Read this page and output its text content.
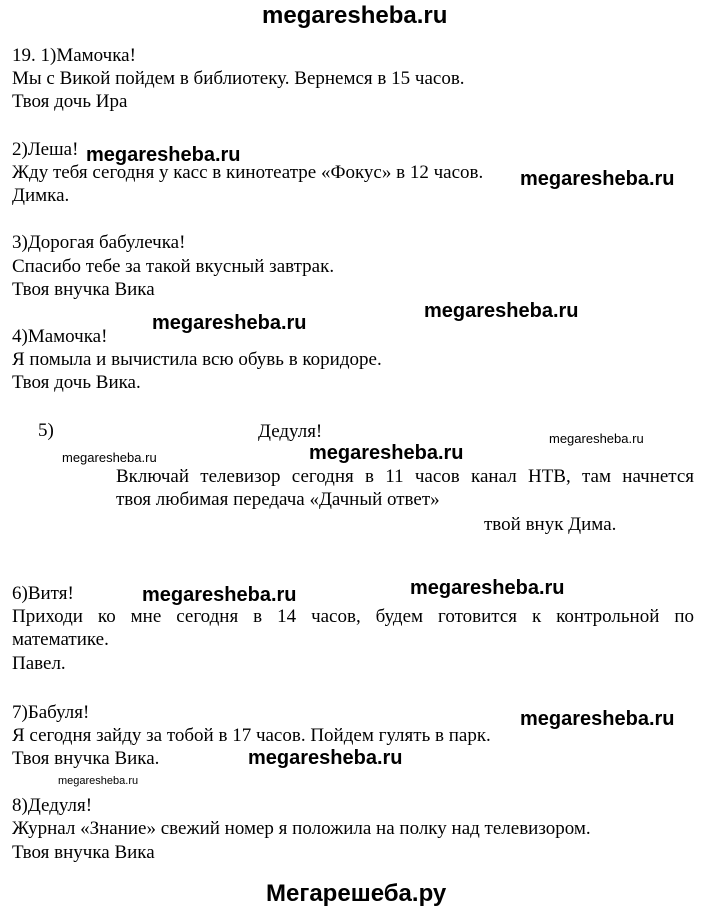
megaresheba.ru
19. 1)Мамочка!
Мы с Викой пойдем в библиотеку. Вернемся в 15 часов.
Твоя дочь Ира
2)Леша! megaresheba.ru
Жду тебя сегодня у касс в кинотеатре «Фокус» в 12 часов. megaresheba.ru
Димка.
3)Дорогая бабулечка!
Спасибо тебе за такой вкусный завтрак.
Твоя внучка Вика
megaresheba.ru
megaresheba.ru
4)Мамочка!
Я помыла и вычистила всю обувь в коридоре.
Твоя дочь Вика.
5)	Дедуля!	megaresheba.ru
megaresheba.ru
megaresheba.ru
Включай телевизор сегодня в 11 часов канал НТВ, там начнется
твоя любимая передача «Дачный ответ»
твой внук Дима.
6)Витя!	megaresheba.ru	megaresheba.ru
Приходи ко мне сегодня в 14 часов, будем готовится к контрольной по
математике.
Павел.
7)Бабуля!	megaresheba.ru
Я сегодня зайду за тобой в 17 часов. Пойдем гулять в парк.
megaresheba.ru
Твоя внучка Вика.
megaresheba.ru
8)Дедуля!
Журнал «Знание» свежий номер я положила на полку над телевизором.
Твоя внучка Вика
Мегарешеба.ру
